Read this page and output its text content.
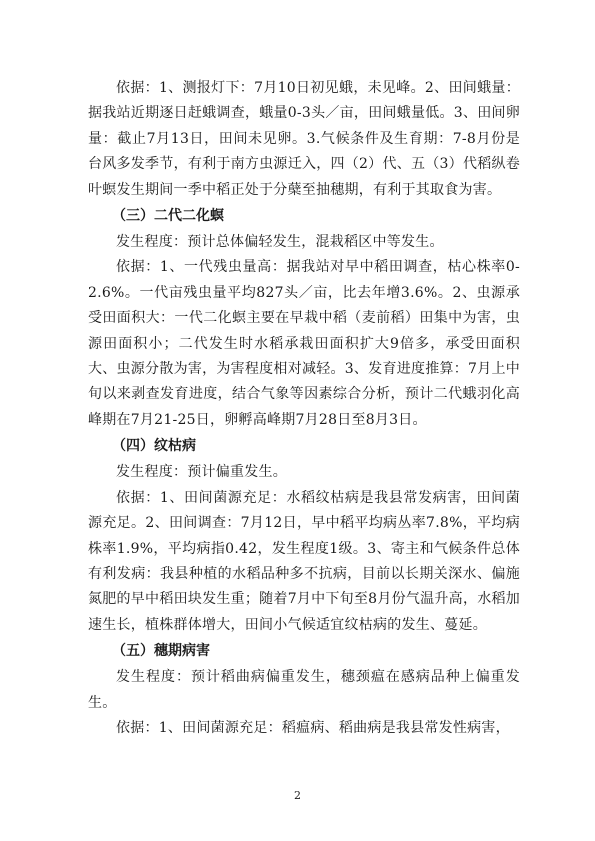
依据：1、测报灯下：7月10日初见蛾，未见峰。2、田间蛾量：据我站近期逐日赶蛾调查，蛾量0-3头／亩，田间蛾量低。3、田间卵量：截止7月13日，田间未见卵。3.气候条件及生育期：7-8月份是台风多发季节，有利于南方虫源迁入，四（2）代、五（3）代稻纵卷叶螟发生期间一季中稻正处于分蘖至抽穗期，有利于其取食为害。

（三）二代二化螟

发生程度：预计总体偏轻发生，混栽稻区中等发生。

依据：1、一代残虫量高：据我站对早中稻田调查，枯心株率0-2.6%。一代亩残虫量平均827头／亩，比去年增3.6%。2、虫源承受田面积大：一代二化螟主要在早栽中稻（麦前稻）田集中为害，虫源田面积小；二代发生时水稻承栽田面积扩大9倍多，承受田面积大、虫源分散为害，为害程度相对减轻。3、发育进度推算：7月上中旬以来剥查发育进度，结合气象等因素综合分析，预计二代蛾羽化高峰期在7月21-25日，卵孵高峰期7月28日至8月3日。

（四）纹枯病

发生程度：预计偏重发生。

依据：1、田间菌源充足：水稻纹枯病是我县常发病害，田间菌源充足。2、田间调查：7月12日，早中稻平均病丛率7.8%，平均病株率1.9%，平均病指0.42，发生程度1级。3、寄主和气候条件总体有利发病：我县种植的水稻品种多不抗病，目前以长期关深水、偏施氮肥的早中稻田块发生重；随着7月中下旬至8月份气温升高，水稻加速生长，植株群体增大，田间小气候适宜纹枯病的发生、蔓延。

（五）穗期病害

发生程度：预计稻曲病偏重发生，穗颈瘟在感病品种上偏重发生。

依据：1、田间菌源充足：稻瘟病、稻曲病是我县常发性病害，

2
